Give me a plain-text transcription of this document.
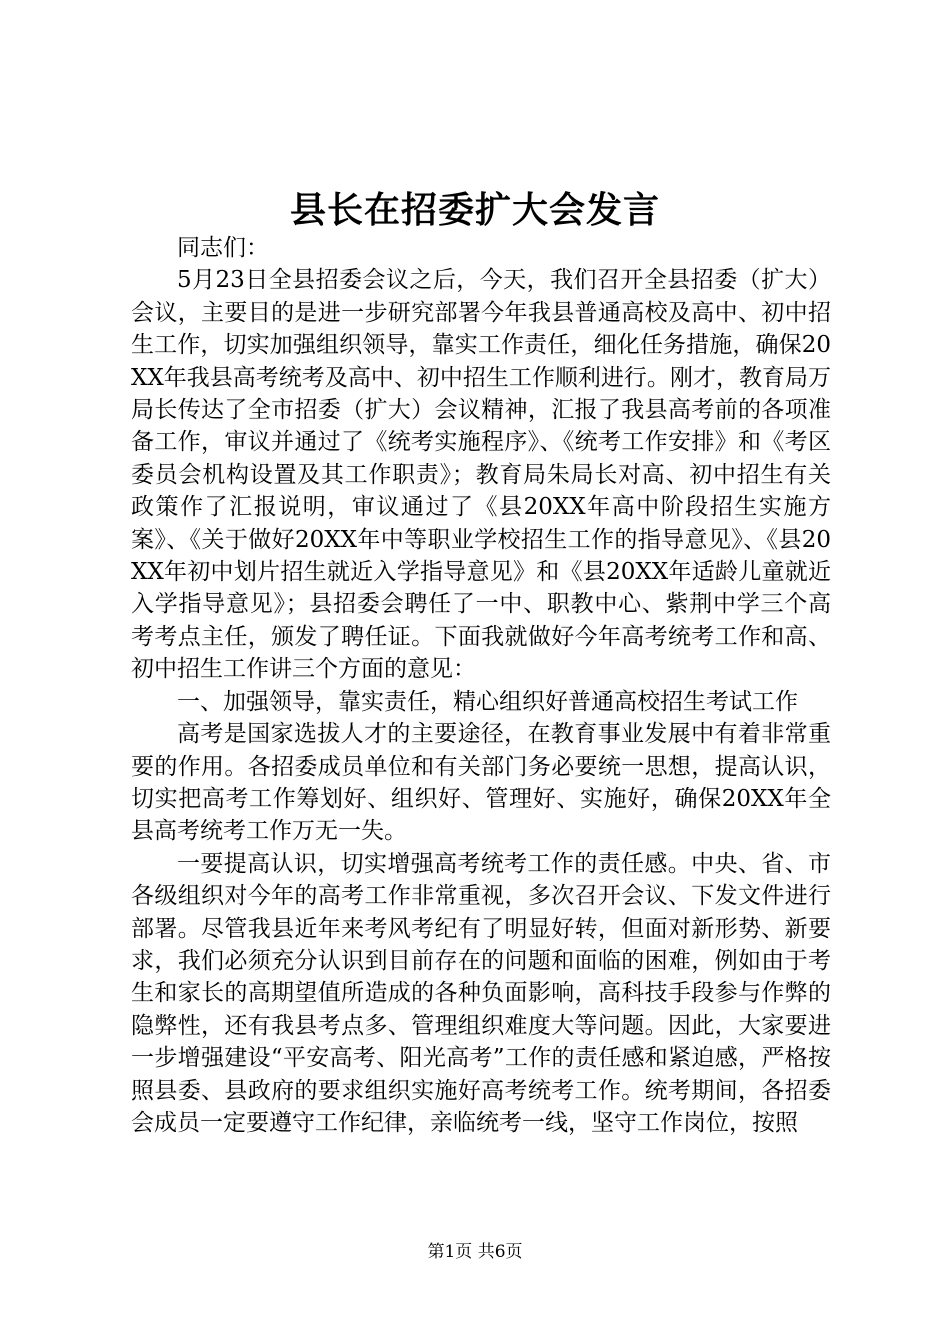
县长在招委扩大会发言

同志们：

5月23日全县招委会议之后，今天，我们召开全县招委（扩大）会议，主要目的是进一步研究部署今年我县普通高校及高中、初中招生工作，切实加强组织领导，靠实工作责任，细化任务措施，确保20XX年我县高考统考及高中、初中招生工作顺利进行。刚才，教育局万局长传达了全市招委（扩大）会议精神，汇报了我县高考前的各项准备工作，审议并通过了《统考实施程序》、《统考工作安排》和《考区委员会机构设置及其工作职责》；教育局朱局长对高、初中招生有关政策作了汇报说明，审议通过了《县20XX年高中阶段招生实施方案》、《关于做好20XX年中等职业学校招生工作的指导意见》、《县20XX年初中划片招生就近入学指导意见》和《县20XX年适龄儿童就近入学指导意见》；县招委会聘任了一中、职教中心、紫荆中学三个高考考点主任，颁发了聘任证。下面我就做好今年高考统考工作和高、初中招生工作讲三个方面的意见：

一、加强领导，靠实责任，精心组织好普通高校招生考试工作

高考是国家选拔人才的主要途径，在教育事业发展中有着非常重要的作用。各招委成员单位和有关部门务必要统一思想，提高认识，切实把高考工作筹划好、组织好、管理好、实施好，确保20XX年全县高考统考工作万无一失。

一要提高认识，切实增强高考统考工作的责任感。中央、省、市各级组织对今年的高考工作非常重视，多次召开会议、下发文件进行部署。尽管我县近年来考风考纪有了明显好转，但面对新形势、新要求，我们必须充分认识到目前存在的问题和面临的困难，例如由于考生和家长的高期望值所造成的各种负面影响，高科技手段参与作弊的隐弊性，还有我县考点多、管理组织难度大等问题。因此，大家要进一步增强建设“平安高考、阳光高考”工作的责任感和紧迫感，严格按照县委、县政府的要求组织实施好高考统考工作。统考期间，各招委会成员一定要遵守工作纪律，亲临统考一线，坚守工作岗位，按照

第1页 共6页
